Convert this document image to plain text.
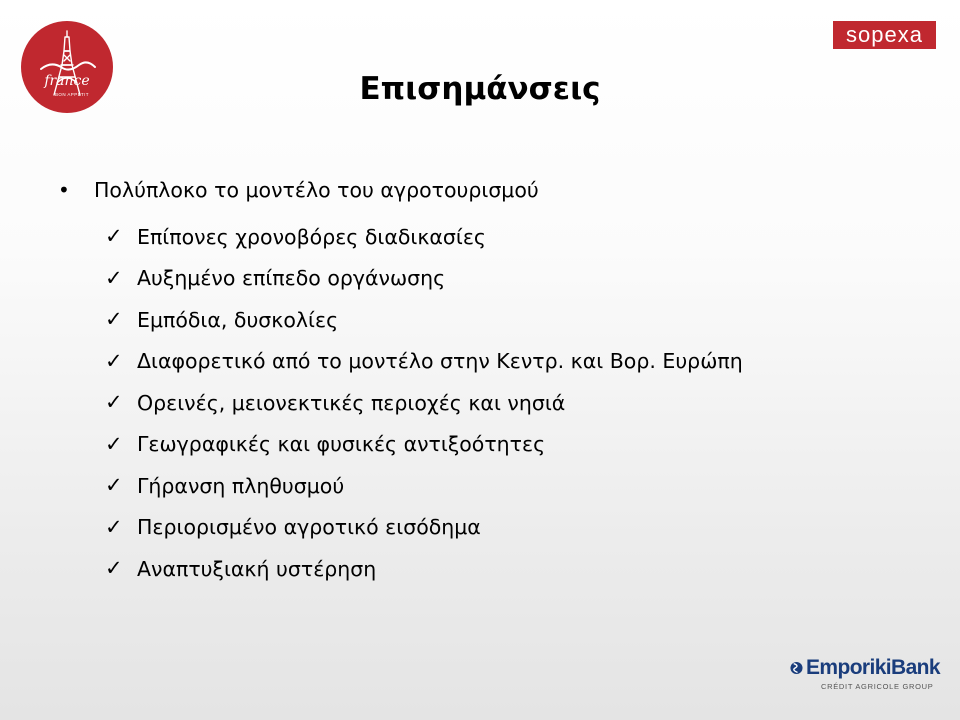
france
BON APPÉTIT
sopexa
Επισημάνσεις
•	Πολύπλοκο το μοντέλο του αγροτουρισμού
✓ Επίπονες χρονοβόρες διαδικασίες
✓ Αυξημένο επίπεδο οργάνωσης
✓ Εμπόδια, δυσκολίες
✓ Διαφορετικό από το μοντέλο στην Κεντρ. και Βορ. Ευρώπη
✓ Ορεινές, μειονεκτικές περιοχές και νησιά
✓ Γεωγραφικές και φυσικές αντιξοότητες
✓ Γήρανση πληθυσμού
✓ Περιορισμένο αγροτικό εισόδημα
✓ Αναπτυξιακή υστέρηση
EmporikiBank
CRÉDIT AGRICOLE GROUP
